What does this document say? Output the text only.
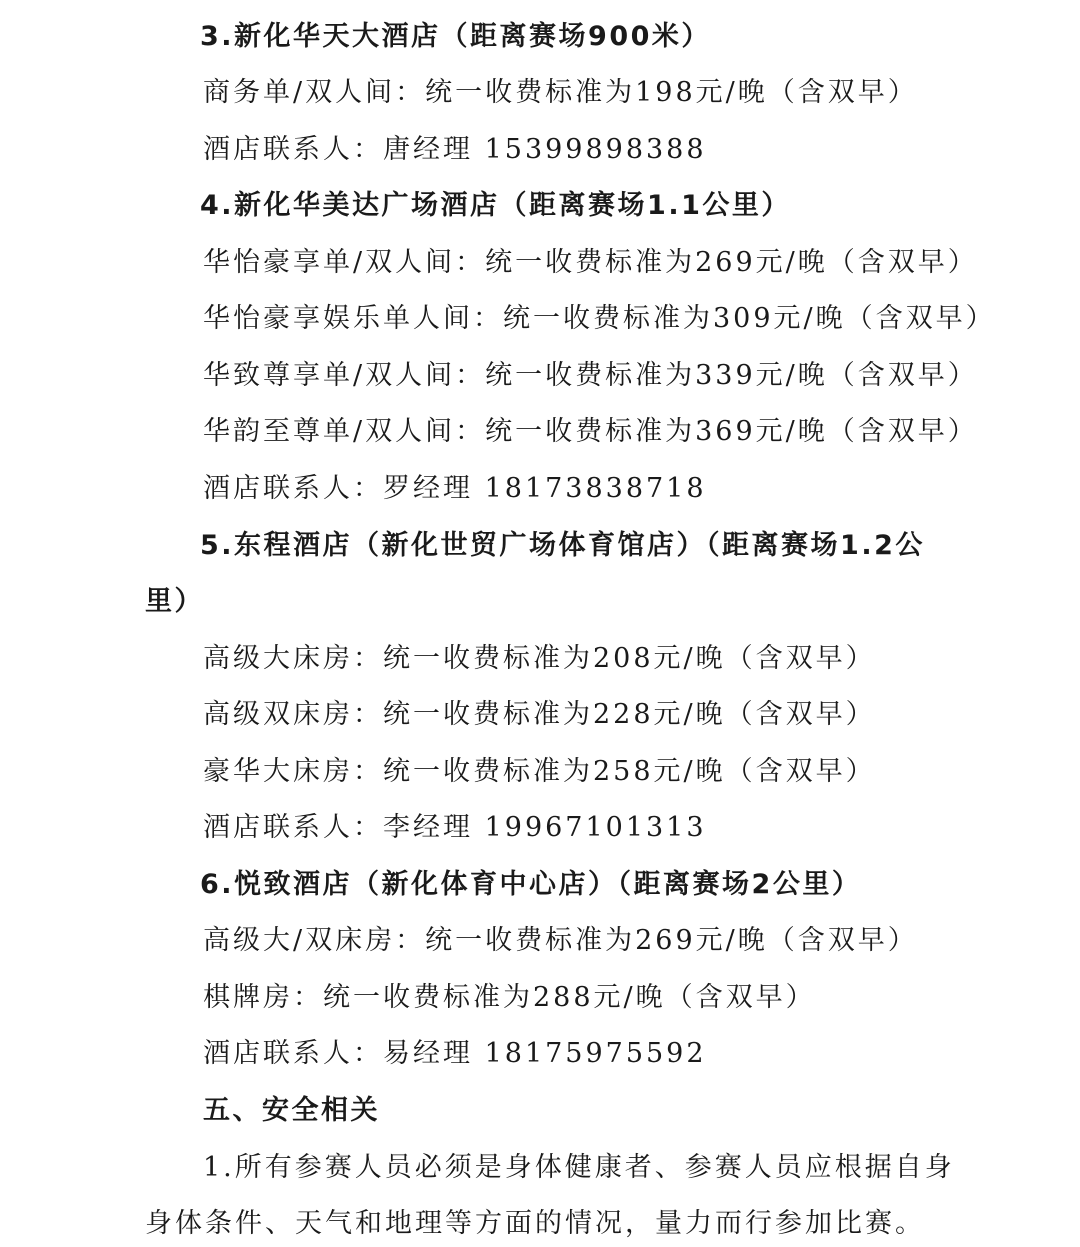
3.新化华天大酒店（距离赛场900米）
商务单/双人间：统一收费标准为198元/晚（含双早）
酒店联系人：唐经理 15399898388
4.新化华美达广场酒店（距离赛场1.1公里）
华怡豪享单/双人间：统一收费标准为269元/晚（含双早）
华怡豪享娱乐单人间：统一收费标准为309元/晚（含双早）
华致尊享单/双人间：统一收费标准为339元/晚（含双早）
华韵至尊单/双人间：统一收费标准为369元/晚（含双早）
酒店联系人：罗经理 18173838718
5.东程酒店（新化世贸广场体育馆店）（距离赛场1.2公
里）
高级大床房：统一收费标准为208元/晚（含双早）
高级双床房：统一收费标准为228元/晚（含双早）
豪华大床房：统一收费标准为258元/晚（含双早）
酒店联系人：李经理 19967101313
6.悦致酒店（新化体育中心店）（距离赛场2公里）
高级大/双床房：统一收费标准为269元/晚（含双早）
棋牌房：统一收费标准为288元/晚（含双早）
酒店联系人：易经理 18175975592
五、安全相关
1.所有参赛人员必须是身体健康者、参赛人员应根据自身
身体条件、天气和地理等方面的情况，量力而行参加比赛。
